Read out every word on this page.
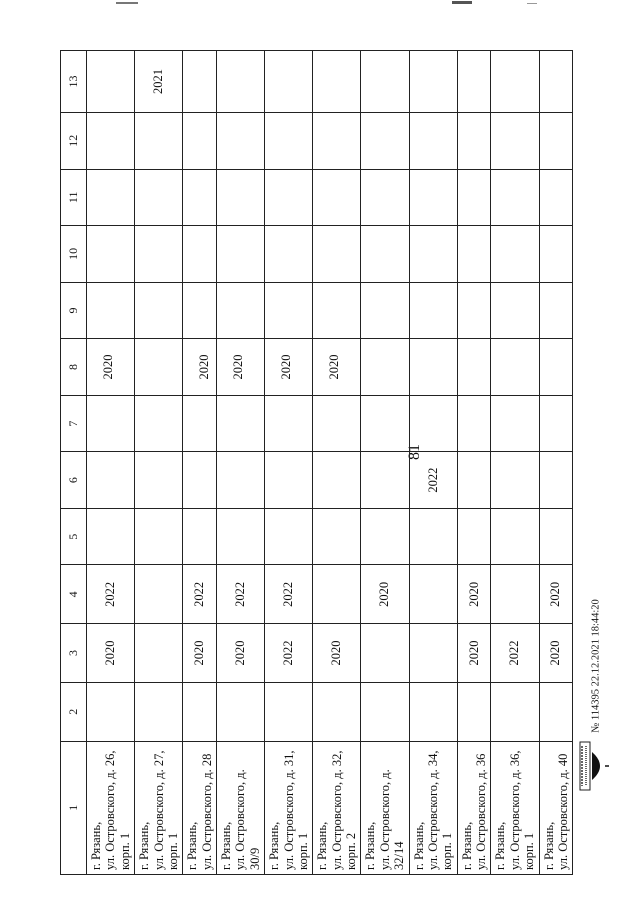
81
1	2	3	4	5	6	7	8	9	10	11	12	13

г. Рязань, ул. Островского, д. 26, корп. 1		2020	2022				2020					

г. Рязань, ул. Островского, д. 27, корп. 1												2021

г. Рязань, ул. Островского, д. 28		2020	2022				2020					

г. Рязань, ул. Островского, д. 30/9		2020	2022				2020					

г. Рязань, ул. Островского, д. 31, корп. 1		2022	2022				2020					

г. Рязань, ул. Островского, д. 32, корп. 2		2020					2020					

г. Рязань, ул. Островского, д. 32/14			2020									

г. Рязань, ул. Островского, д. 34, корп. 1					2022							

г. Рязань, ул. Островского, д. 36		2020	2020									

г. Рязань, ул. Островского, д. 36, корп. 1		2022										

г. Рязань, ул. Островского, д. 40		2020	2020									
№ 114395 22.12.2021 18:44:20
